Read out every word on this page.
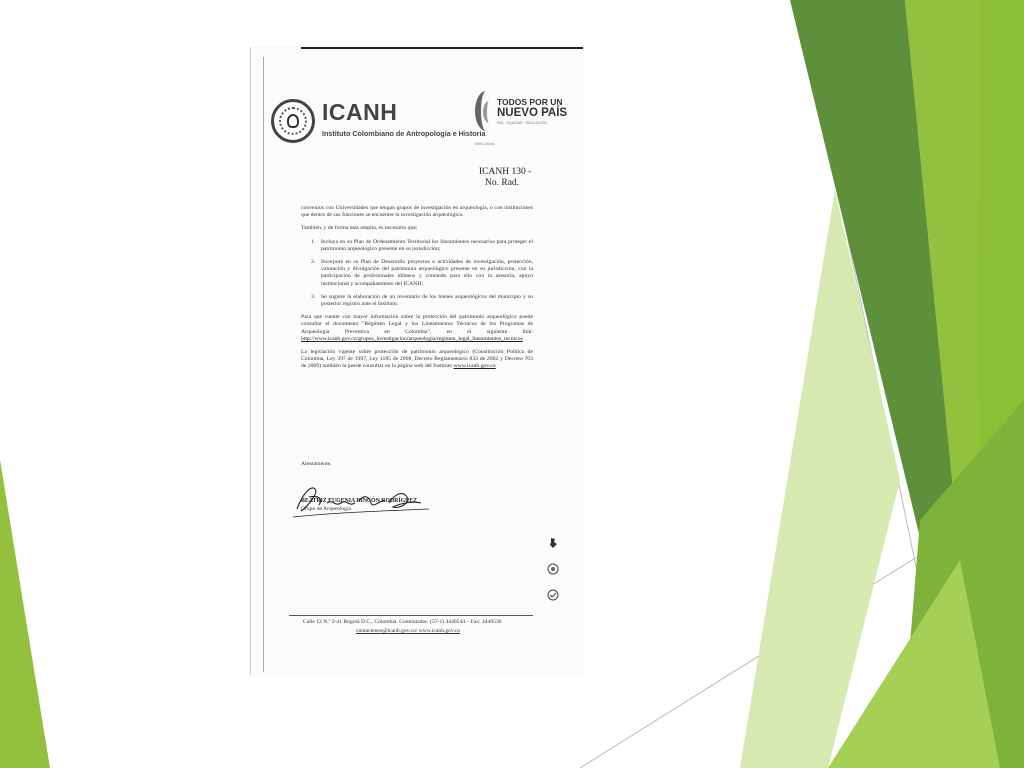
ICANH
Instituto Colombiano de Antropología e Historia
TODOS POR UN
NUEVO PAÍS
PAZ · EQUIDAD · EDUCACIÓN
MinCultura
ICANH 130 -
No. Rad.

convenios con Universidades que tengan grupos de investigación en arqueología, o con instituciones que dentro de sus funciones se encuentre la investigación arqueológica.

También, y de forma más amplia, es necesario que:

1.	Incluya en su Plan de Ordenamiento Territorial los lineamientos necesarios para proteger el patrimonio arqueológico presente en su jurisdicción;
2.	Incorpore en su Plan de Desarrollo proyectos o actividades de investigación, protección, valoración y divulgación del patrimonio arqueológico presente en su jurisdicción, con la participación de profesionales idóneos y contando para ello con la asesoría, apoyo institucional y acompañamiento del ICANH;
3.	Se sugiere la elaboración de un inventario de los bienes arqueológicos del municipio y su posterior registro ante el Instituto.

Para que cuente con mayor información sobre la protección del patrimonio arqueológico puede consultar el documento "Régimen Legal y los Lineamientos Técnicos de los Programas de Arqueología Preventiva en Colombia", en el siguiente link: http://www.icanh.gov.co/grupos_investigacion/arqueologia/regimen_legal_lineamientos_tecnicos

La legislación vigente sobre protección de patrimonio arqueológico (Constitución Política de Colombia, Ley 397 de 1997, Ley 1185 de 2008, Decreto Reglamentario 833 de 2002 y Decreto 763 de 2009) también la puede consultar en la página web del Instituto www.icanh.gov.co

Atentamente,
BEATRIZ EUGENIA RINCÓN RODRÍGUEZ
Grupo de Arqueología
Calle 12 N.º 2-41 Bogotá D.C., Colombia. Conmutador: (57-1) 4440544 – Fax: 4440530
contactenos@icanh.gov.co/ www.icanh.gov.co
